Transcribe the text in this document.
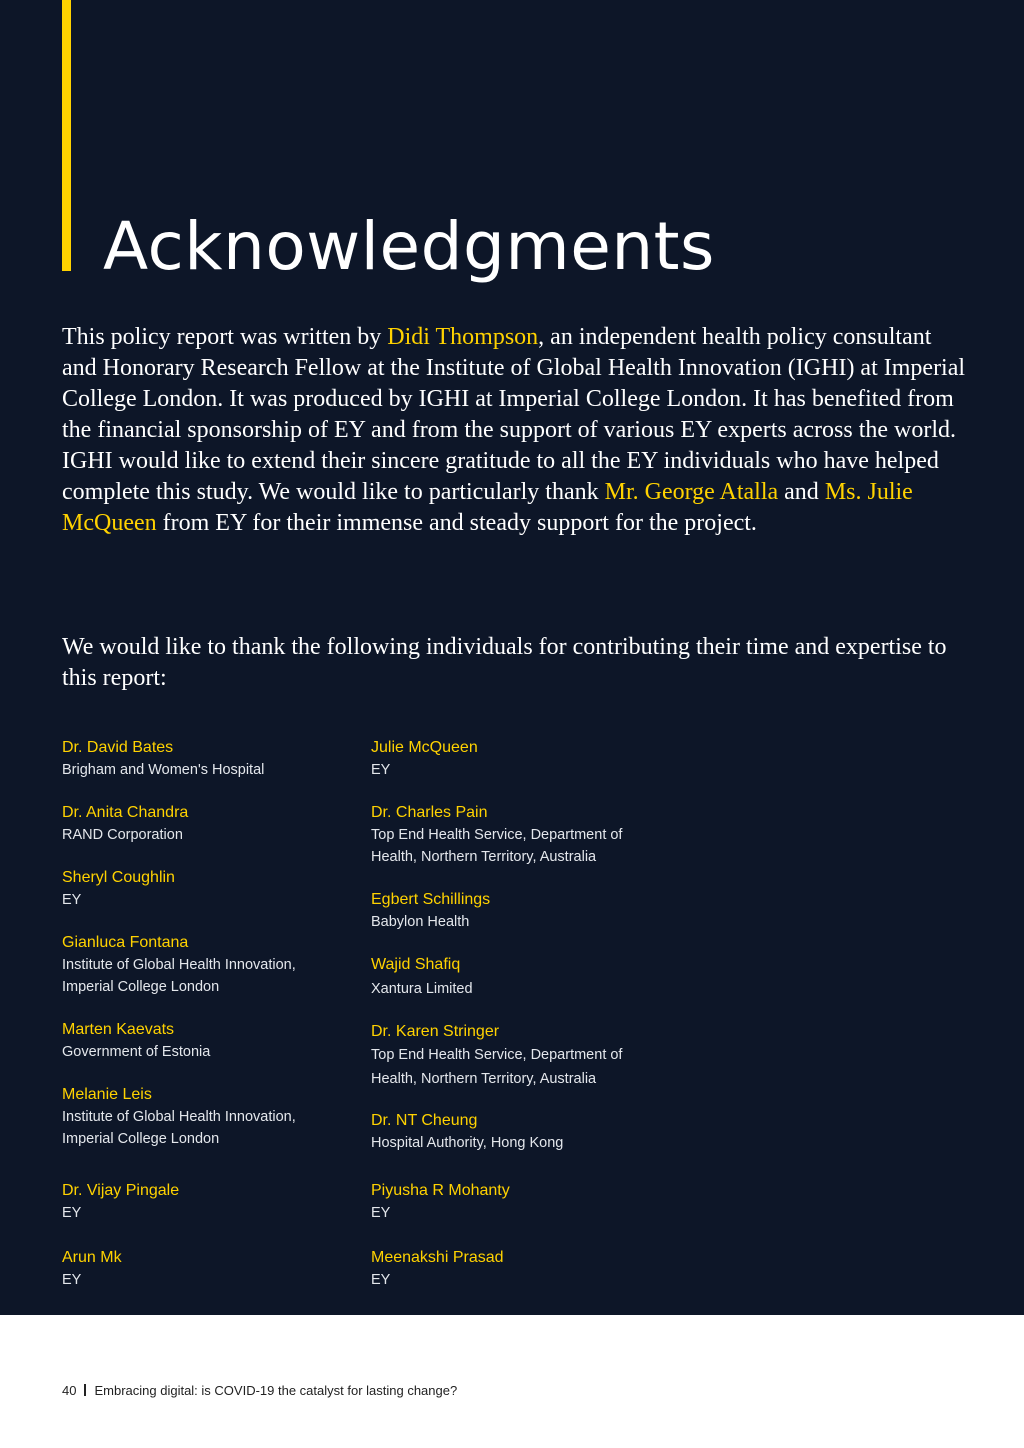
Acknowledgments

This policy report was written by Didi Thompson, an independent health policy consultant and Honorary Research Fellow at the Institute of Global Health Innovation (IGHI) at Imperial College London. It was produced by IGHI at Imperial College London. It has benefited from the financial sponsorship of EY and from the support of various EY experts across the world. IGHI would like to extend their sincere gratitude to all the EY individuals who have helped complete this study. We would like to particularly thank Mr. George Atalla and Ms. Julie McQueen from EY for their immense and steady support for the project.

We would like to thank the following individuals for contributing their time and expertise to this report:

Dr. David Bates
Brigham and Women's Hospital
Dr. Anita Chandra
RAND Corporation
Sheryl Coughlin
EY
Gianluca Fontana
Institute of Global Health Innovation,
Imperial College London
Marten Kaevats
Government of Estonia
Melanie Leis
Institute of Global Health Innovation,
Imperial College London
Dr. Vijay Pingale
EY
Arun Mk
EY
Julie McQueen
EY
Dr. Charles Pain
Top End Health Service, Department of
Health, Northern Territory, Australia
Egbert Schillings
Babylon Health
Wajid Shafiq
Xantura Limited
Dr. Karen Stringer
Top End Health Service, Department of
Health, Northern Territory, Australia
Dr. NT Cheung
Hospital Authority, Hong Kong
Piyusha R Mohanty
EY
Meenakshi Prasad
EY
40 Embracing digital: is COVID-19 the catalyst for lasting change?
